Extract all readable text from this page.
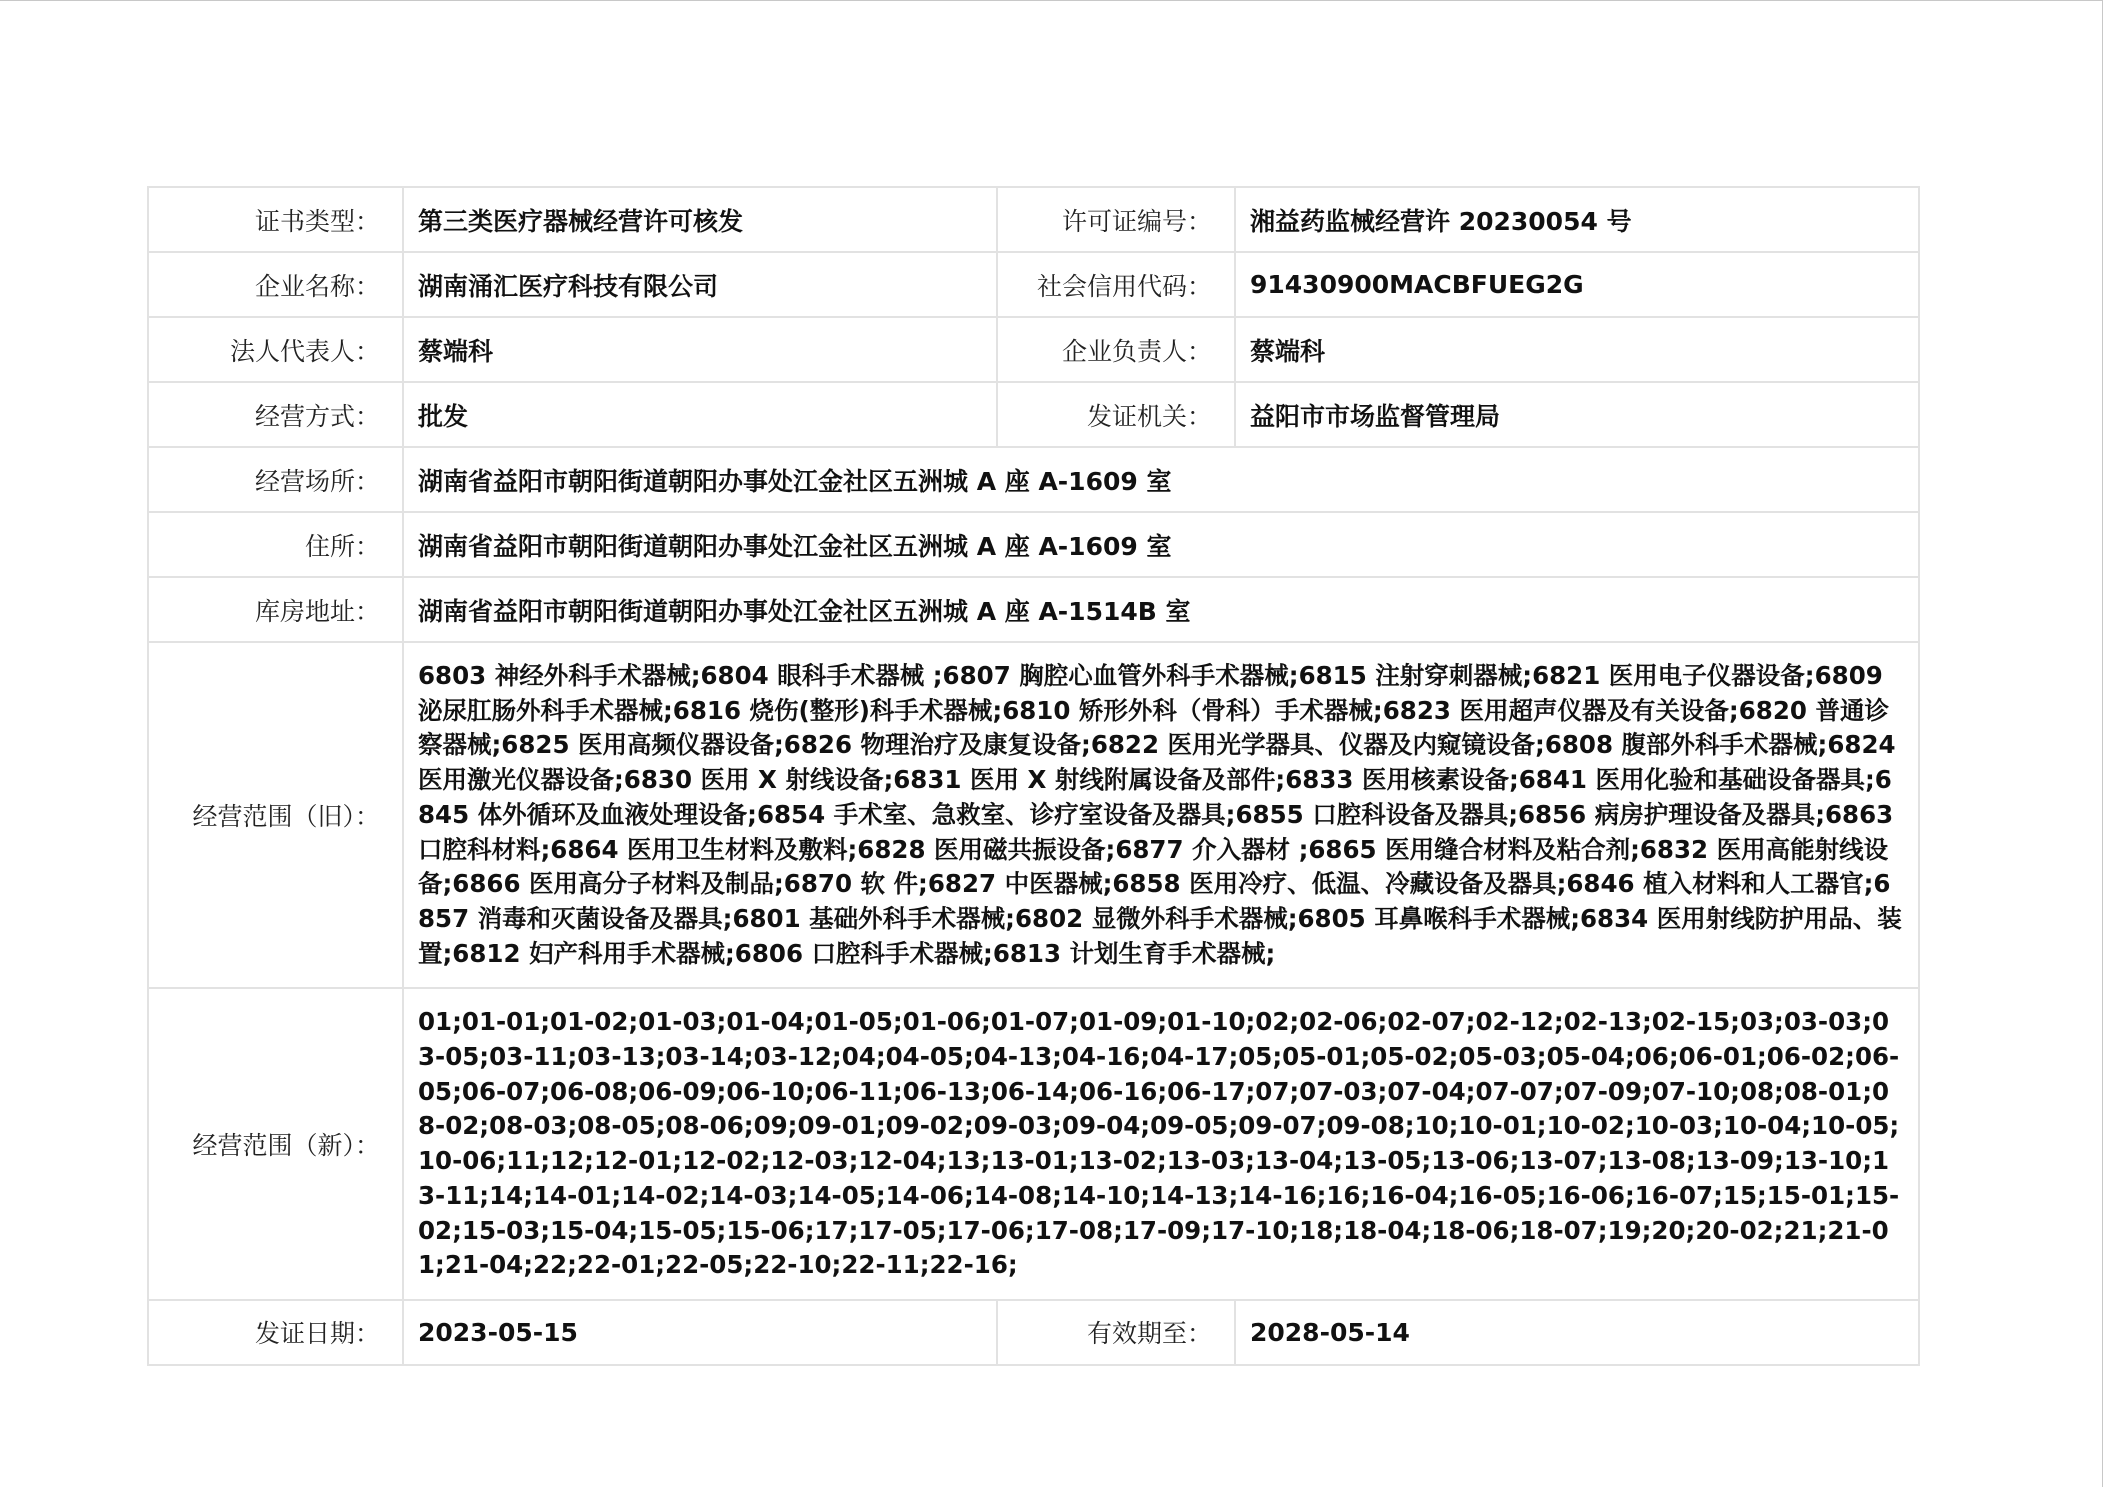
证书类型：	第三类医疗器械经营许可核发	许可证编号：	湘益药监械经营许 20230054 号
企业名称：	湖南涌汇医疗科技有限公司	社会信用代码：	91430900MACBFUEG2G
法人代表人：	蔡端科	企业负责人：	蔡端科
经营方式：	批发	发证机关：	益阳市市场监督管理局
经营场所：	湖南省益阳市朝阳街道朝阳办事处江金社区五洲城 A 座 A-1609 室		
住所：	湖南省益阳市朝阳街道朝阳办事处江金社区五洲城 A 座 A-1609 室		
库房地址：	湖南省益阳市朝阳街道朝阳办事处江金社区五洲城 A 座 A-1514B 室		
经营范围（旧）：	6803 神经外科手术器械;6804 眼科手术器械 ;6807 胸腔心血管外科手术器械;6815 注射穿刺器械;6821 医用电子仪器设备;6809 泌尿肛肠外科手术器械;6816 烧伤(整形)科手术器械;6810 矫形外科（骨科）手术器械;6823 医用超声仪器及有关设备;6820 普通诊察器械;6825 医用高频仪器设备;6826 物理治疗及康复设备;6822 医用光学器具、仪器及内窥镜设备;6808 腹部外科手术器械;6824 医用激光仪器设备;6830 医用 X 射线设备;6831 医用 X 射线附属设备及部件;6833 医用核素设备;6841 医用化验和基础设备器具;6845 体外循环及血液处理设备;6854 手术室、急救室、诊疗室设备及器具;6855 口腔科设备及器具;6856 病房护理设备及器具;6863 口腔科材料;6864 医用卫生材料及敷料;6828 医用磁共振设备;6877 介入器材 ;6865 医用缝合材料及粘合剂;6832 医用高能射线设备;6866 医用高分子材料及制品;6870 软 件;6827 中医器械;6858 医用冷疗、低温、冷藏设备及器具;6846 植入材料和人工器官;6857 消毒和灭菌设备及器具;6801 基础外科手术器械;6802 显微外科手术器械;6805 耳鼻喉科手术器械;6834 医用射线防护用品、装置;6812 妇产科用手术器械;6806 口腔科手术器械;6813 计划生育手术器械;		
经营范围（新）：	01;01-01;01-02;01-03;01-04;01-05;01-06;01-07;01-09;01-10;02;02-06;02-07;02-12;02-13;02-15;03;03-03;03-05;03-11;03-13;03-14;03-12;04;04-05;04-13;04-16;04-17;05;05-01;05-02;05-03;05-04;06;06-01;06-02;06-05;06-07;06-08;06-09;06-10;06-11;06-13;06-14;06-16;06-17;07;07-03;07-04;07-07;07-09;07-10;08;08-01;08-02;08-03;08-05;08-06;09;09-01;09-02;09-03;09-04;09-05;09-07;09-08;10;10-01;10-02;10-03;10-04;10-05;10-06;11;12;12-01;12-02;12-03;12-04;13;13-01;13-02;13-03;13-04;13-05;13-06;13-07;13-08;13-09;13-10;13-11;14;14-01;14-02;14-03;14-05;14-06;14-08;14-10;14-13;14-16;16;16-04;16-05;16-06;16-07;15;15-01;15-02;15-03;15-04;15-05;15-06;17;17-05;17-06;17-08;17-09;17-10;18;18-04;18-06;18-07;19;20;20-02;21;21-01;21-04;22;22-01;22-05;22-10;22-11;22-16;		
发证日期：	2023-05-15	有效期至：	2028-05-14
